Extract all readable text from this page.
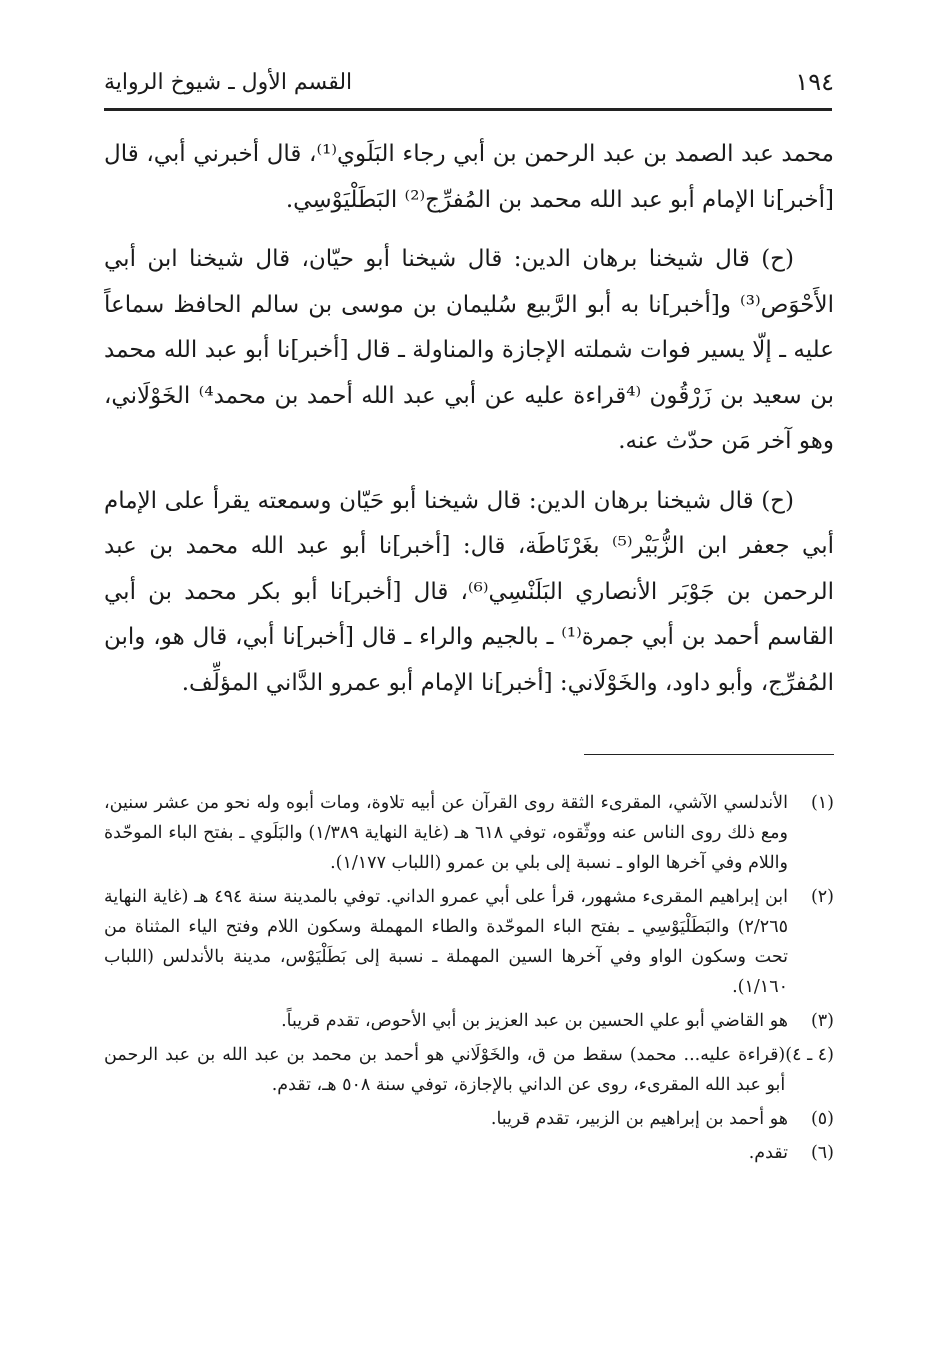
١٩٤
القسم الأول ـ شيوخ الرواية

محمد عبد الصمد بن عبد الرحمن بن أبي رجاء البَلَوي⁽¹⁾، قال أخبرني أبي، قال [أخبر]نا الإمام أبو عبد الله محمد بن المُفرِّج⁽²⁾ البَطَلْيَوْسِي.

(ح) قال شيخنا برهان الدين: قال شيخنا أبو حيّان، قال شيخنا ابن أبي الأَحْوَص⁽³⁾ و[أخبر]نا به أبو الرَّبيع سُليمان بن موسى بن سالم الحافظ سماعاً عليه ـ إلّا يسير فوات شملته الإجازة والمناولة ـ قال [أخبر]نا أبو عبد الله محمد بن سعيد بن زَرْقُون ⁽⁴قراءة عليه عن أبي عبد الله أحمد بن محمد⁴⁾ الخَوْلَاني، وهو آخر مَن حدّث عنه.

(ح) قال شيخنا برهان الدين: قال شيخنا أبو حَيّان وسمعته يقرأ على الإمام أبي جعفر ابن الزُّبَيْر⁽⁵⁾ بغَرْنَاطَة، قال: [أخبر]نا أبو عبد الله محمد بن عبد الرحمن بن جَوْبَر الأنصاري البَلَنْسِي⁽⁶⁾، قال [أخبر]نا أبو بكر محمد بن أبي القاسم أحمد بن أبي جمرة⁽¹⁾ ـ بالجيم والراء ـ قال [أخبر]نا أبي، قال هو، وابن المُفرِّج، وأبو داود، والخَوْلَاني: [أخبر]نا الإمام أبو عمرو الدَّاني المؤلِّف.

(١)
الأندلسي الآشي، المقرىء الثقة روى القرآن عن أبيه تلاوة، ومات أبوه وله نحو من عشر سنين، ومع ذلك روى الناس عنه ووثّقوه، توفي ٦١٨ هـ (غاية النهاية ١/٣٨٩) والبَلَوي ـ بفتح الباء الموحّدة واللام وفي آخرها الواو ـ نسبة إلى بلي بن عمرو (اللباب ١/١٧٧).
(٢)
ابن إبراهيم المقرىء مشهور، قرأ على أبي عمرو الداني. توفي بالمدينة سنة ٤٩٤ هـ (غاية النهاية ٢/٢٦٥) والبَطَلْيَوْسِي ـ بفتح الباء الموحّدة والطاء المهملة وسكون اللام وفتح الياء المثناة من تحت وسكون الواو وفي آخرها السين المهملة ـ نسبة إلى بَطَلْيَوْس، مدينة بالأندلس (اللباب ١/١٦٠).
(٣)
هو القاضي أبو علي الحسين بن عبد العزيز بن أبي الأحوص، تقدم قريباً.
(٤ ـ ٤)
(قراءة عليه... محمد) سقط من ق، والخَوْلَاني هو أحمد بن محمد بن عبد الله بن عبد الرحمن أبو عبد الله المقرىء، روى عن الداني بالإجازة، توفي سنة ٥٠٨ هـ، تقدم.
(٥)
هو أحمد بن إبراهيم بن الزبير، تقدم قريبا.
(٦)
تقدم.
